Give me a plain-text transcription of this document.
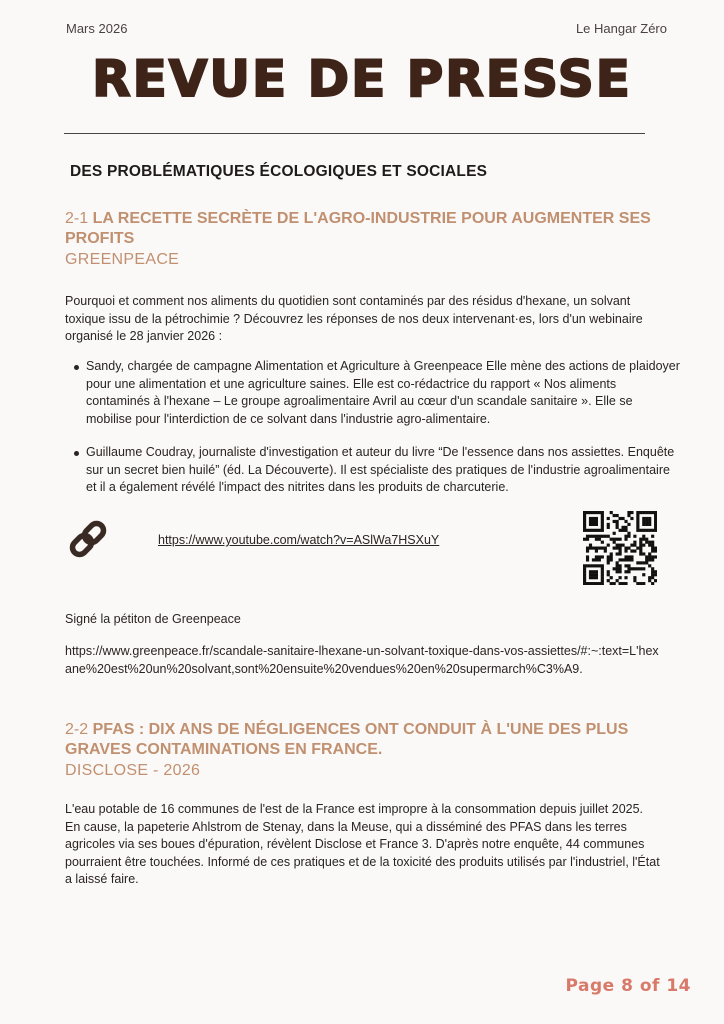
Mars 2026	Le Hangar Zéro
REVUE DE PRESSE
DES PROBLÉMATIQUES ÉCOLOGIQUES ET SOCIALES
2-1 LA RECETTE SECRÈTE DE L'AGRO-INDUSTRIE POUR AUGMENTER SES PROFITS
GREENPEACE
Pourquoi et comment nos aliments du quotidien sont contaminés par des résidus d'hexane, un solvant toxique issu de la pétrochimie ? Découvrez les réponses de nos deux intervenant·es, lors d'un webinaire organisé le 28 janvier 2026 :
Sandy, chargée de campagne Alimentation et Agriculture à Greenpeace Elle mène des actions de plaidoyer pour une alimentation et une agriculture saines. Elle est co-rédactrice du rapport « Nos aliments contaminés à l'hexane – Le groupe agroalimentaire Avril au cœur d'un scandale sanitaire ». Elle se mobilise pour l'interdiction de ce solvant dans l'industrie agro-alimentaire.
Guillaume Coudray, journaliste d'investigation et auteur du livre “De l'essence dans nos assiettes. Enquête sur un secret bien huilé” (éd. La Découverte). Il est spécialiste des pratiques de l'industrie agroalimentaire et il a également révélé l'impact des nitrites dans les produits de charcuterie.
https://www.youtube.com/watch?v=ASlWa7HSXuY
Signé la pétiton de Greenpeace
https://www.greenpeace.fr/scandale-sanitaire-lhexane-un-solvant-toxique-dans-vos-assiettes/#:~:text=L'hexane%20est%20un%20solvant,sont%20ensuite%20vendues%20en%20supermarch%C3%A9.
2-2 PFAS : DIX ANS DE NÉGLIGENCES ONT CONDUIT À L'UNE DES PLUS GRAVES CONTAMINATIONS EN FRANCE.
DISCLOSE - 2026
L'eau potable de 16 communes de l'est de la France est impropre à la consommation depuis juillet 2025. En cause, la papeterie Ahlstrom de Stenay, dans la Meuse, qui a disséminé des PFAS dans les terres agricoles via ses boues d'épuration, révèlent Disclose et France 3. D'après notre enquête, 44 communes pourraient être touchées. Informé de ces pratiques et de la toxicité des produits utilisés par l'industriel, l'État a laissé faire.
Page 8 of 14
